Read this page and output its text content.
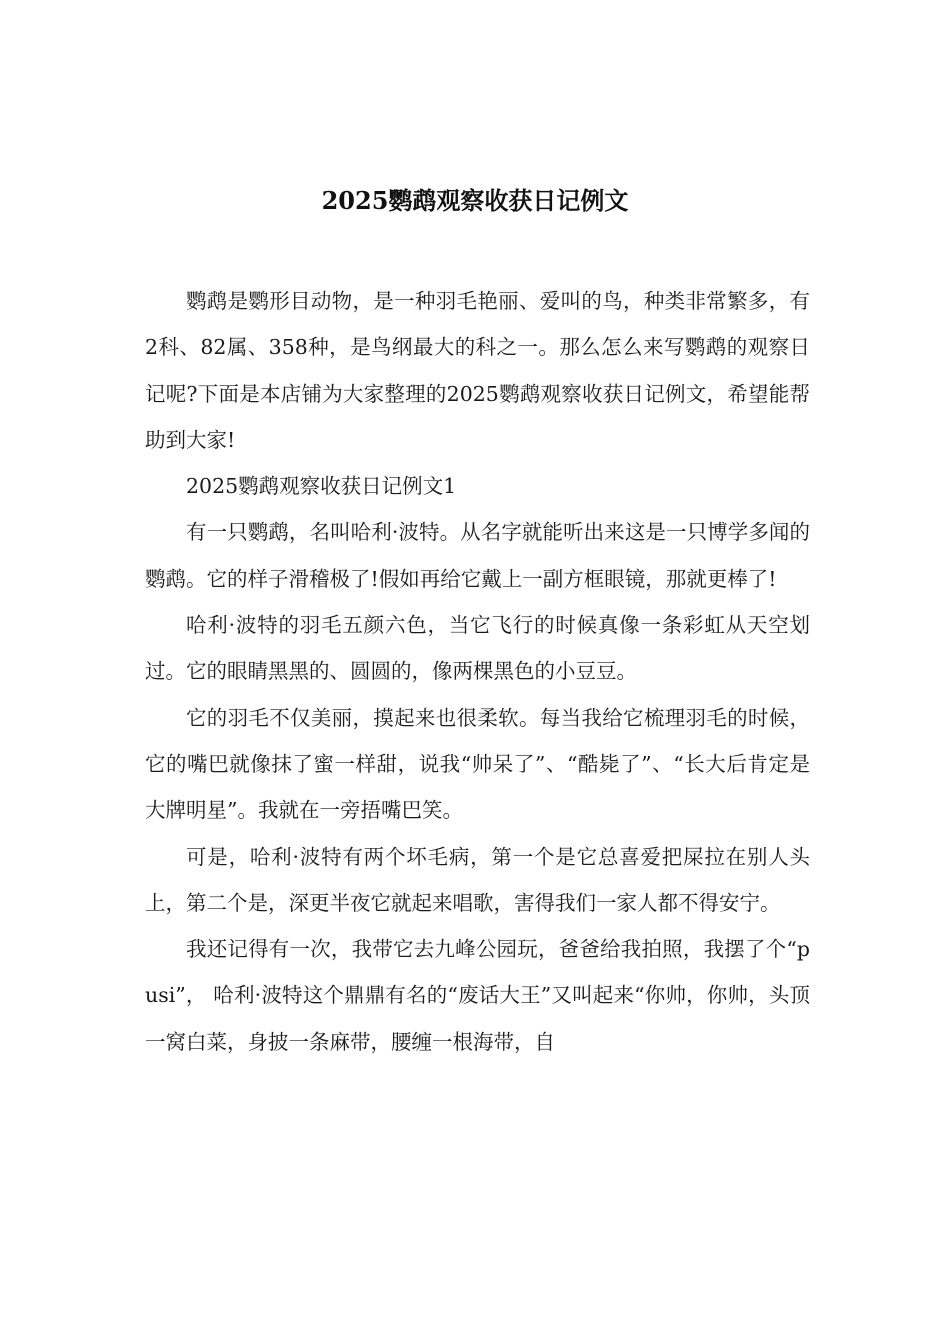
2025鹦鹉观察收获日记例文

鹦鹉是鹦形目动物，是一种羽毛艳丽、爱叫的鸟，种类非常繁多，有2科、82属、358种，是鸟纲最大的科之一。那么怎么来写鹦鹉的观察日记呢?下面是本店铺为大家整理的2025鹦鹉观察收获日记例文，希望能帮助到大家!

2025鹦鹉观察收获日记例文1

有一只鹦鹉，名叫哈利·波特。从名字就能听出来这是一只博学多闻的鹦鹉。它的样子滑稽极了!假如再给它戴上一副方框眼镜，那就更棒了!

哈利·波特的羽毛五颜六色，当它飞行的时候真像一条彩虹从天空划过。它的眼睛黑黑的、圆圆的，像两棵黑色的小豆豆。

它的羽毛不仅美丽，摸起来也很柔软。每当我给它梳理羽毛的时候，它的嘴巴就像抹了蜜一样甜，说我“帅呆了”、“酷毙了”、“长大后肯定是大牌明星”。我就在一旁捂嘴巴笑。

可是，哈利·波特有两个坏毛病，第一个是它总喜爱把屎拉在别人头上，第二个是，深更半夜它就起来唱歌，害得我们一家人都不得安宁。

我还记得有一次，我带它去九峰公园玩，爸爸给我拍照，我摆了个“pusi”， 哈利·波特这个鼎鼎有名的“废话大王”又叫起来“你帅，你帅，头顶一窝白菜，身披一条麻带，腰缠一根海带，自
